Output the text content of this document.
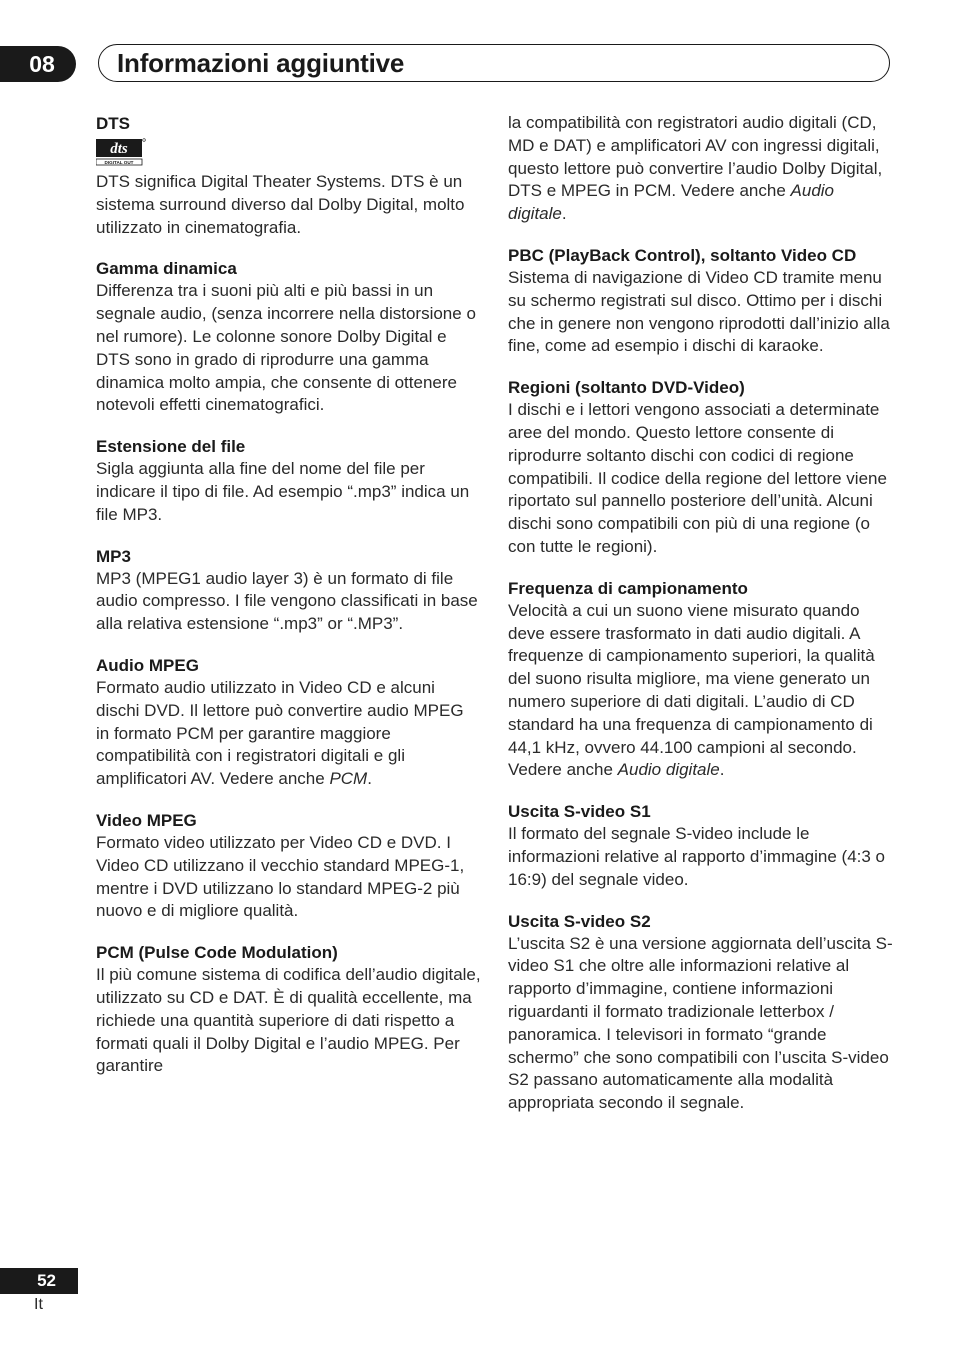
08	Informazioni aggiuntive
DTS
dts
DIGITAL OUT

DTS significa Digital Theater Systems. DTS è un sistema surround diverso dal Dolby Digital, molto utilizzato in cinematografia.

Gamma dinamica

Differenza tra i suoni più alti e più bassi in un segnale audio, (senza incorrere nella distorsione o nel rumore). Le colonne sonore Dolby Digital e DTS sono in grado di riprodurre una gamma dinamica molto ampia, che consente di ottenere notevoli effetti cinematografici.

Estensione del file

Sigla aggiunta alla fine del nome del file per indicare il tipo di file. Ad esempio “.mp3” indica un file MP3.

MP3

MP3 (MPEG1 audio layer 3) è un formato di file audio compresso. I file vengono classificati in base alla relativa estensione “.mp3” or “.MP3”.

Audio MPEG

Formato audio utilizzato in Video CD e alcuni dischi DVD. Il lettore può convertire audio MPEG in formato PCM per garantire maggiore compatibilità con i registratori digitali e gli amplificatori AV. Vedere anche PCM.

Video MPEG

Formato video utilizzato per Video CD e DVD. I Video CD utilizzano il vecchio standard MPEG-1, mentre i DVD utilizzano lo standard MPEG-2 più nuovo e di migliore qualità.

PCM (Pulse Code Modulation)

Il più comune sistema di codifica dell’audio digitale, utilizzato su CD e DAT. È di qualità eccellente, ma richiede una quantità superiore di dati rispetto a formati quali il Dolby Digital e l’audio MPEG. Per garantire

la compatibilità con registratori audio digitali (CD, MD e DAT) e amplificatori AV con ingressi digitali, questo lettore può convertire l’audio Dolby Digital, DTS e MPEG in PCM. Vedere anche Audio digitale.

PBC (PlayBack Control), soltanto Video CD

Sistema di navigazione di Video CD tramite menu su schermo registrati sul disco. Ottimo per i dischi che in genere non vengono riprodotti dall’inizio alla fine, come ad esempio i dischi di karaoke.

Regioni (soltanto DVD-Video)

I dischi e i lettori vengono associati a determinate aree del mondo. Questo lettore consente di riprodurre soltanto dischi con codici di regione compatibili. Il codice della regione del lettore viene riportato sul pannello posteriore dell’unità. Alcuni dischi sono compatibili con più di una regione (o con tutte le regioni).

Frequenza di campionamento

Velocità a cui un suono viene misurato quando deve essere trasformato in dati audio digitali. A frequenze di campionamento superiori, la qualità del suono risulta migliore, ma viene generato un numero superiore di dati digitali. L’audio di CD standard ha una frequenza di campionamento di 44,1 kHz, ovvero 44.100 campioni al secondo. Vedere anche Audio digitale.

Uscita S-video S1

Il formato del segnale S-video include le informazioni relative al rapporto d’immagine (4:3 o 16:9) del segnale video.

Uscita S-video S2

L’uscita S2 è una versione aggiornata dell’uscita S-video S1 che oltre alle informazioni relative al rapporto d’immagine, contiene informazioni riguardanti il formato tradizionale letterbox / panoramica. I televisori in formato “grande schermo” che sono compatibili con l’uscita S-video S2 passano automaticamente alla modalità appropriata secondo il segnale.

52
It
